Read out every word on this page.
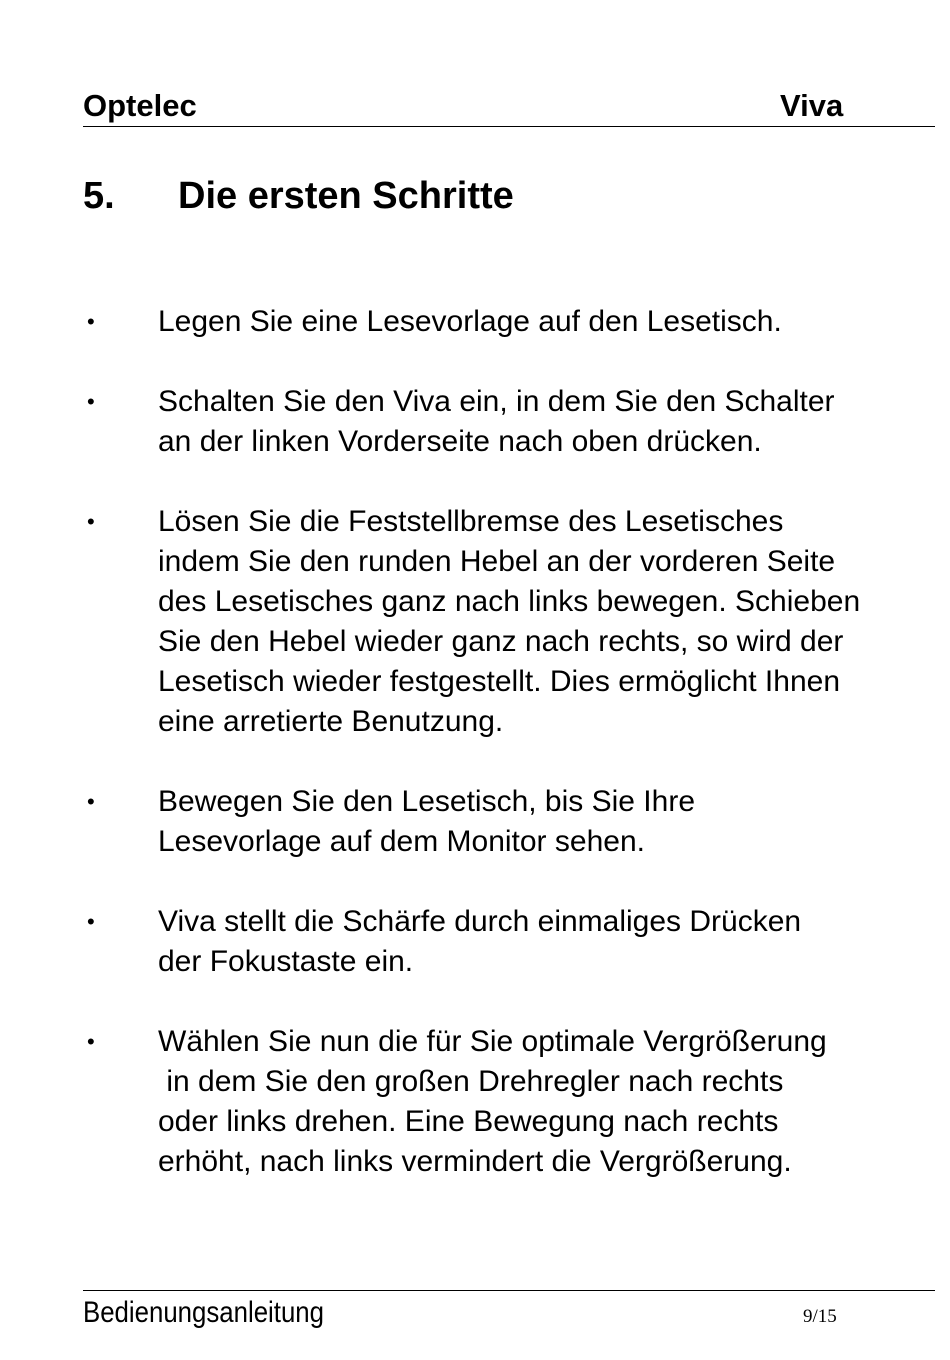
Optelec	Viva
5. Die ersten Schritte
• Legen Sie eine Lesevorlage auf den Lesetisch.
• Schalten Sie den Viva ein, in dem Sie den Schalter
an der linken Vorderseite nach oben drücken.
• Lösen Sie die Feststellbremse des Lesetisches
indem Sie den runden Hebel an der vorderen Seite
des Lesetisches ganz nach links bewegen. Schieben
Sie den Hebel wieder ganz nach rechts, so wird der
Lesetisch wieder festgestellt. Dies ermöglicht Ihnen
eine arretierte Benutzung.
• Bewegen Sie den Lesetisch, bis Sie Ihre
Lesevorlage auf dem Monitor sehen.
• Viva stellt die Schärfe durch einmaliges Drücken
der Fokustaste ein.
• Wählen Sie nun die für Sie optimale Vergrößerung
in dem Sie den großen Drehregler nach rechts
oder links drehen. Eine Bewegung nach rechts
erhöht, nach links vermindert die Vergrößerung.
Bedienungsanleitung	9/15
